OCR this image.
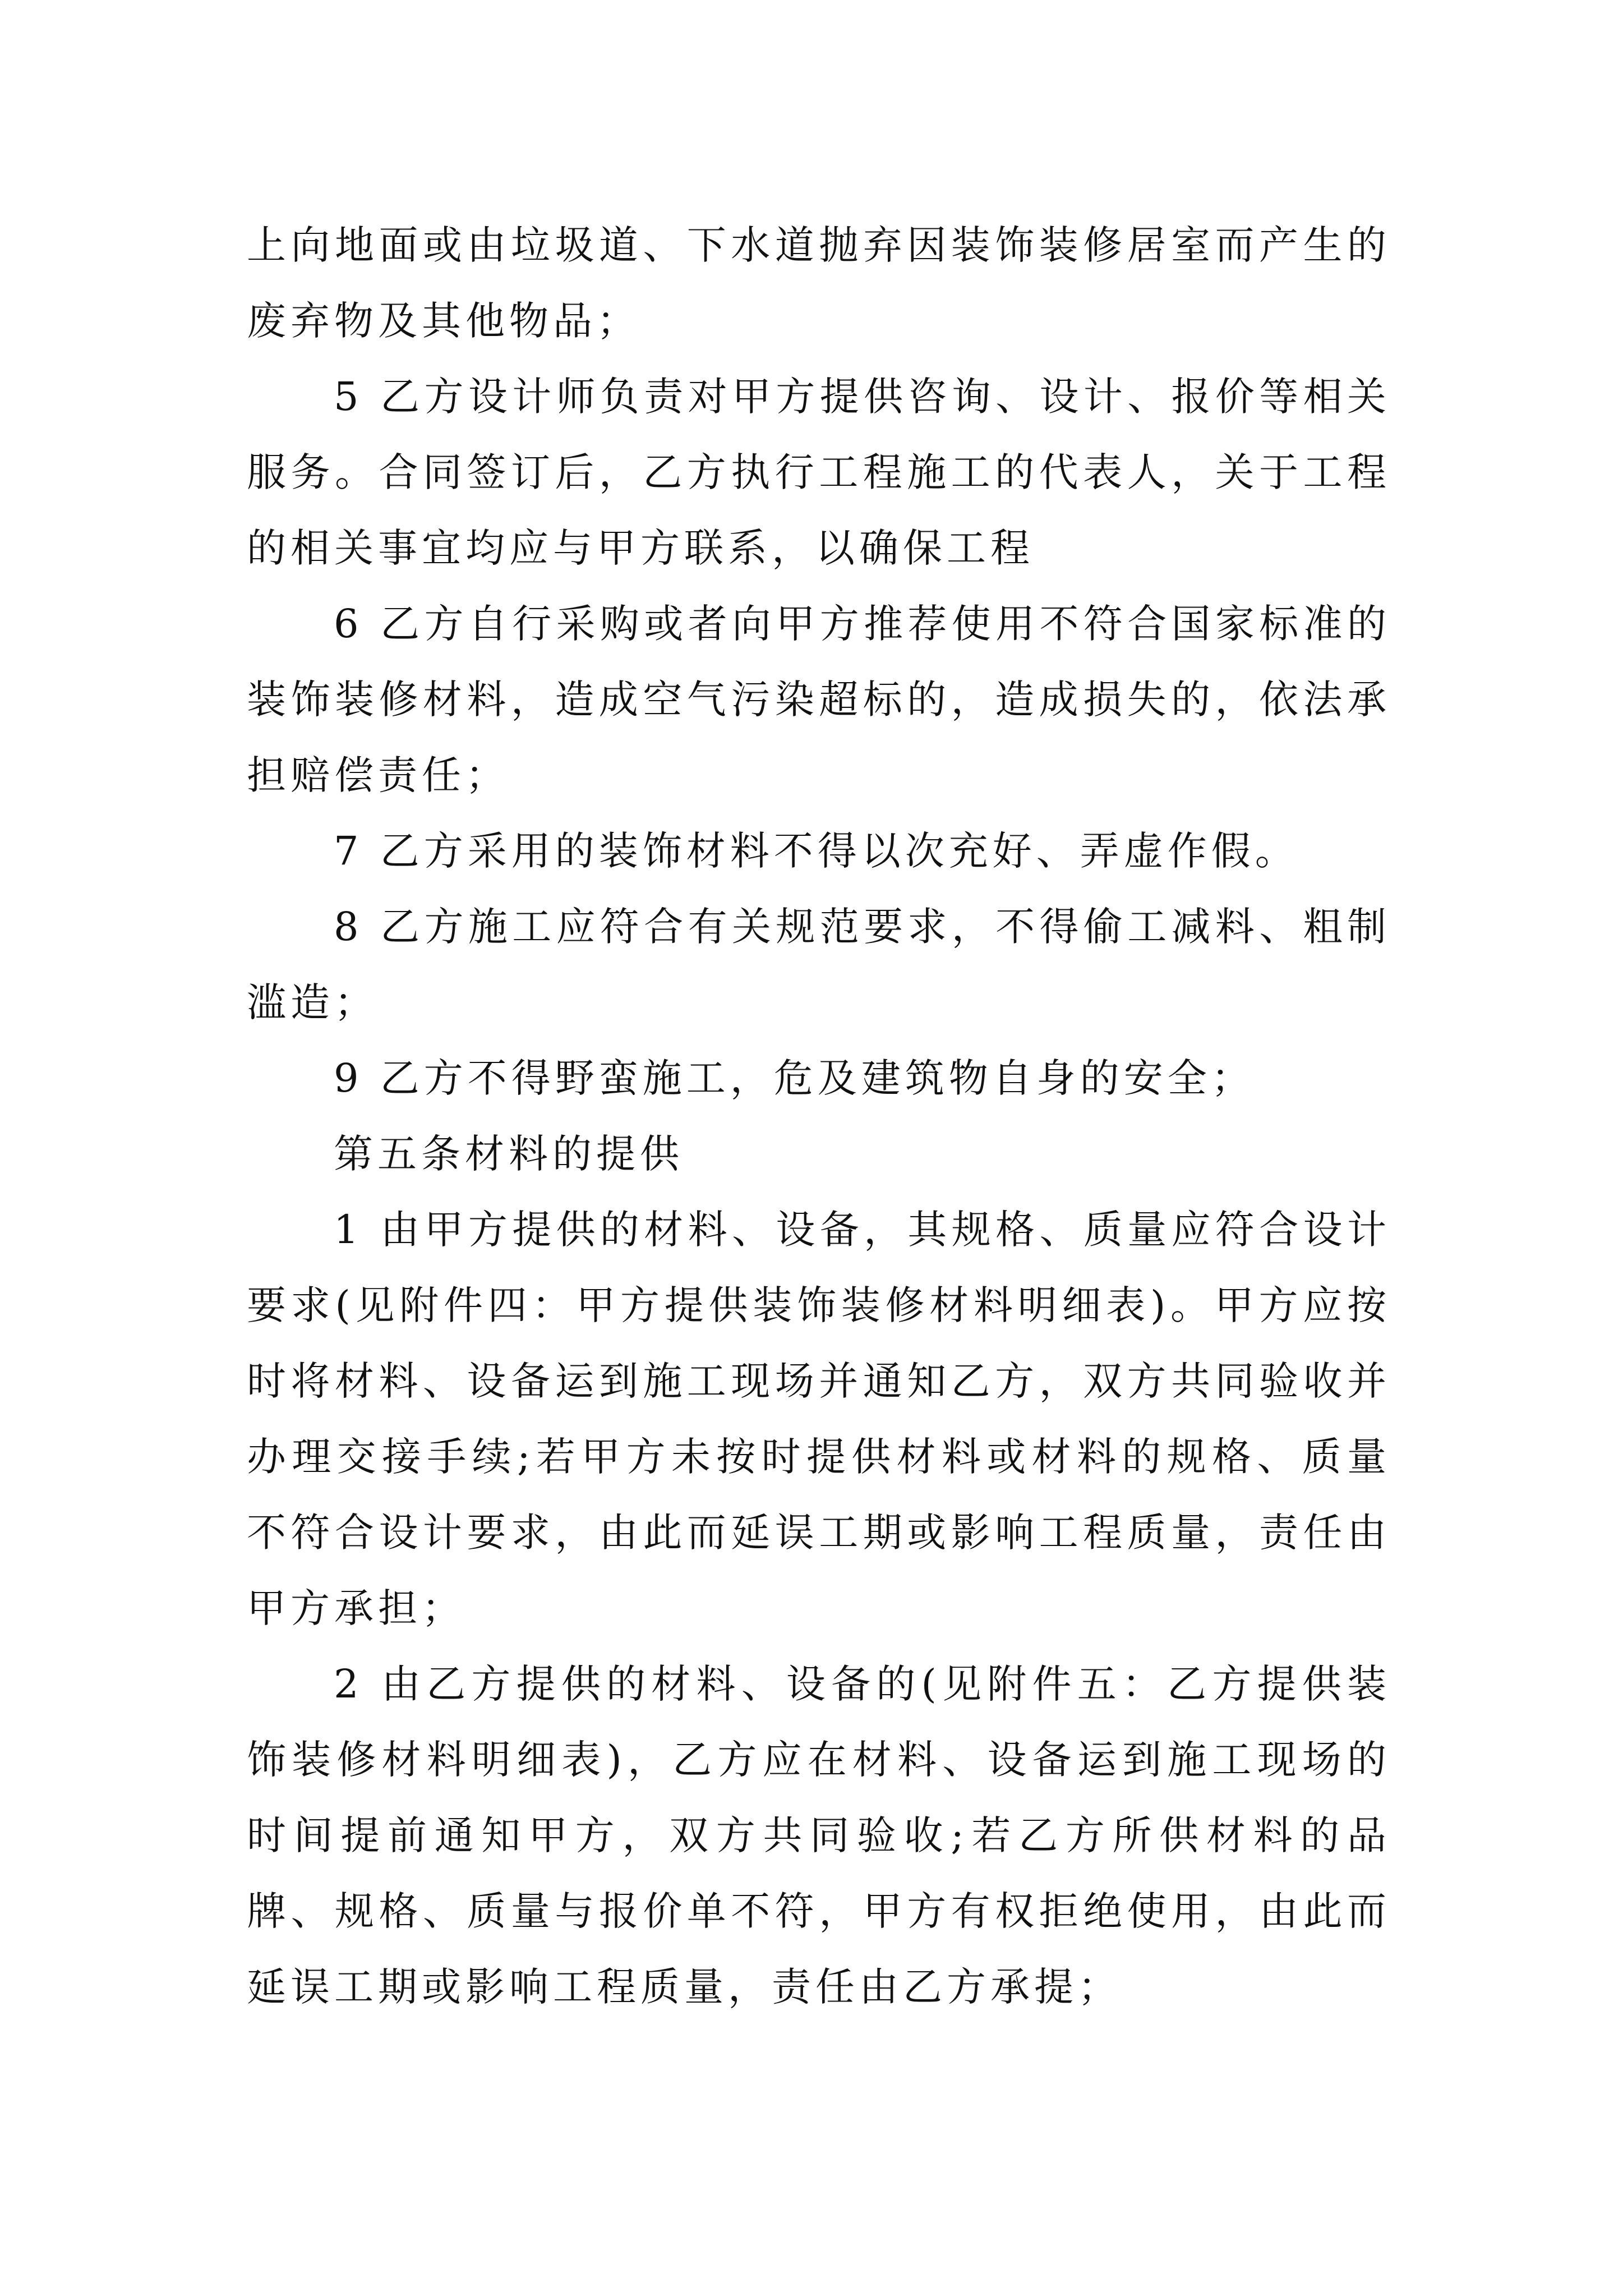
上向地面或由垃圾道、下水道抛弃因装饰装修居室而产生的废弃物及其他物品；

5 乙方设计师负责对甲方提供咨询、设计、报价等相关服务。合同签订后，乙方执行工程施工的代表人，关于工程的相关事宜均应与甲方联系，以确保工程

6 乙方自行采购或者向甲方推荐使用不符合国家标准的装饰装修材料，造成空气污染超标的，造成损失的，依法承担赔偿责任；

7 乙方采用的装饰材料不得以次充好、弄虚作假。

8 乙方施工应符合有关规范要求，不得偷工减料、粗制滥造；

9 乙方不得野蛮施工，危及建筑物自身的安全；

第五条材料的提供

1 由甲方提供的材料、设备，其规格、质量应符合设计要求(见附件四：甲方提供装饰装修材料明细表)。甲方应按时将材料、设备运到施工现场并通知乙方，双方共同验收并办理交接手续;若甲方未按时提供材料或材料的规格、质量不符合设计要求，由此而延误工期或影响工程质量，责任由甲方承担；

2 由乙方提供的材料、设备的(见附件五：乙方提供装饰装修材料明细表)，乙方应在材料、设备运到施工现场的时间提前通知甲方，双方共同验收;若乙方所供材料的品牌、规格、质量与报价单不符，甲方有权拒绝使用，由此而延误工期或影响工程质量，责任由乙方承提；
